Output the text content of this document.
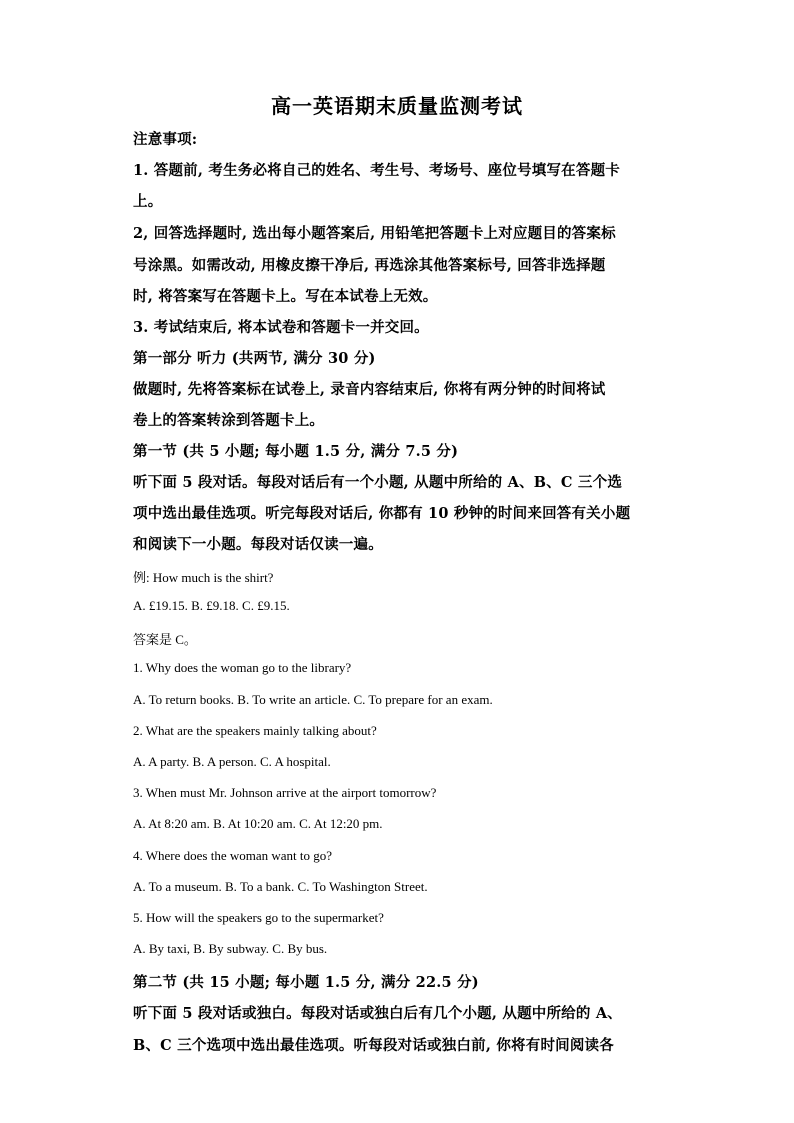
高一英语期末质量监测考试
注意事项:
1. 答题前, 考生务必将自己的姓名、考生号、考场号、座位号填写在答题卡
上。
2, 回答选择题时, 选出每小题答案后, 用铅笔把答题卡上对应题目的答案标
号涂黑。如需改动, 用橡皮擦干净后, 再选涂其他答案标号, 回答非选择题
时, 将答案写在答题卡上。写在本试卷上无效。
3. 考试结束后, 将本试卷和答题卡一并交回。
第一部分 听力 (共两节, 满分 30 分)
做题时, 先将答案标在试卷上, 录音内容结束后, 你将有两分钟的时间将试
卷上的答案转涂到答题卡上。
第一节 (共 5 小题; 每小题 1.5 分, 满分 7.5 分)
听下面 5 段对话。每段对话后有一个小题, 从题中所给的 A、B、C 三个选
项中选出最佳选项。听完每段对话后, 你都有 10 秒钟的时间来回答有关小题
和阅读下一小题。每段对话仅读一遍。
例: How much is the shirt?
A. £19.15. B. £9.18. C. £9.15.
答案是 C。
1. Why does the woman go to the library?
A. To return books. B. To write an article. C. To prepare for an exam.
2. What are the speakers mainly talking about?
A. A party. B. A person. C. A hospital.
3. When must Mr. Johnson arrive at the airport tomorrow?
A. At 8:20 am. B. At 10:20 am. C. At 12:20 pm.
4. Where does the woman want to go?
A. To a museum. B. To a bank. C. To Washington Street.
5. How will the speakers go to the supermarket?
A. By taxi, B. By subway. C. By bus.
第二节 (共 15 小题; 每小题 1.5 分, 满分 22.5 分)
听下面 5 段对话或独白。每段对话或独白后有几个小题, 从题中所给的 A、
B、C 三个选项中选出最佳选项。听每段对话或独白前, 你将有时间阅读各
